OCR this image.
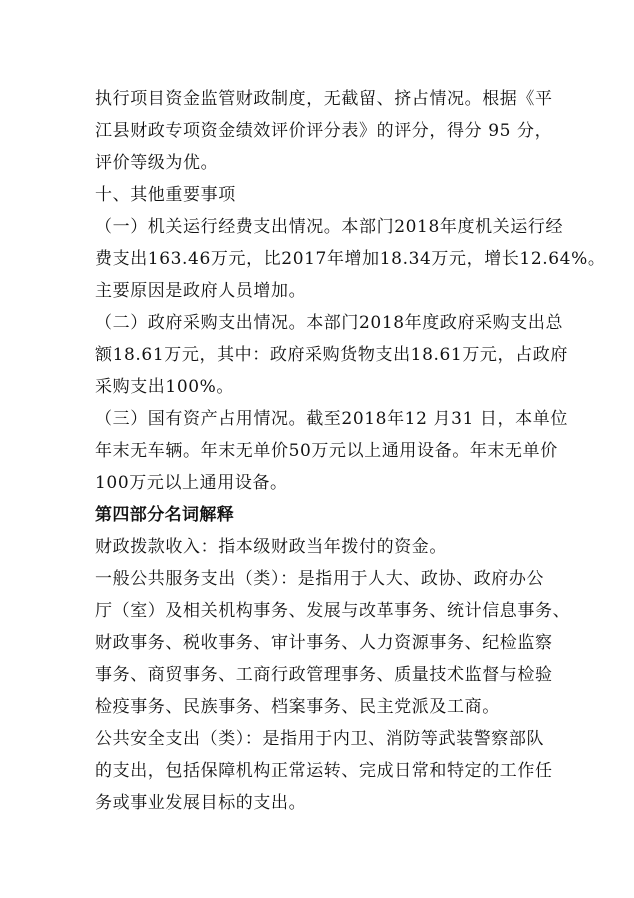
执行项目资金监管财政制度，无截留、挤占情况。根据《平
江县财政专项资金绩效评价评分表》的评分，得分 95 分，
评价等级为优。
十、其他重要事项
（一）机关运行经费支出情况。本部门2018年度机关运行经
费支出163.46万元，比2017年增加18.34万元，增长12.64%。
主要原因是政府人员增加。
（二）政府采购支出情况。本部门2018年度政府采购支出总
额18.61万元，其中：政府采购货物支出18.61万元，占政府
采购支出100%。
（三）国有资产占用情况。截至2018年12 月31 日，本单位
年末无车辆。年末无单价50万元以上通用设备。年末无单价
100万元以上通用设备。
第四部分名词解释
财政拨款收入：指本级财政当年拨付的资金。
一般公共服务支出（类）：是指用于人大、政协、政府办公
厅（室）及相关机构事务、发展与改革事务、统计信息事务、
财政事务、税收事务、审计事务、人力资源事务、纪检监察
事务、商贸事务、工商行政管理事务、质量技术监督与检验
检疫事务、民族事务、档案事务、民主党派及工商。
公共安全支出（类）：是指用于内卫、消防等武装警察部队
的支出，包括保障机构正常运转、完成日常和特定的工作任
务或事业发展目标的支出。
